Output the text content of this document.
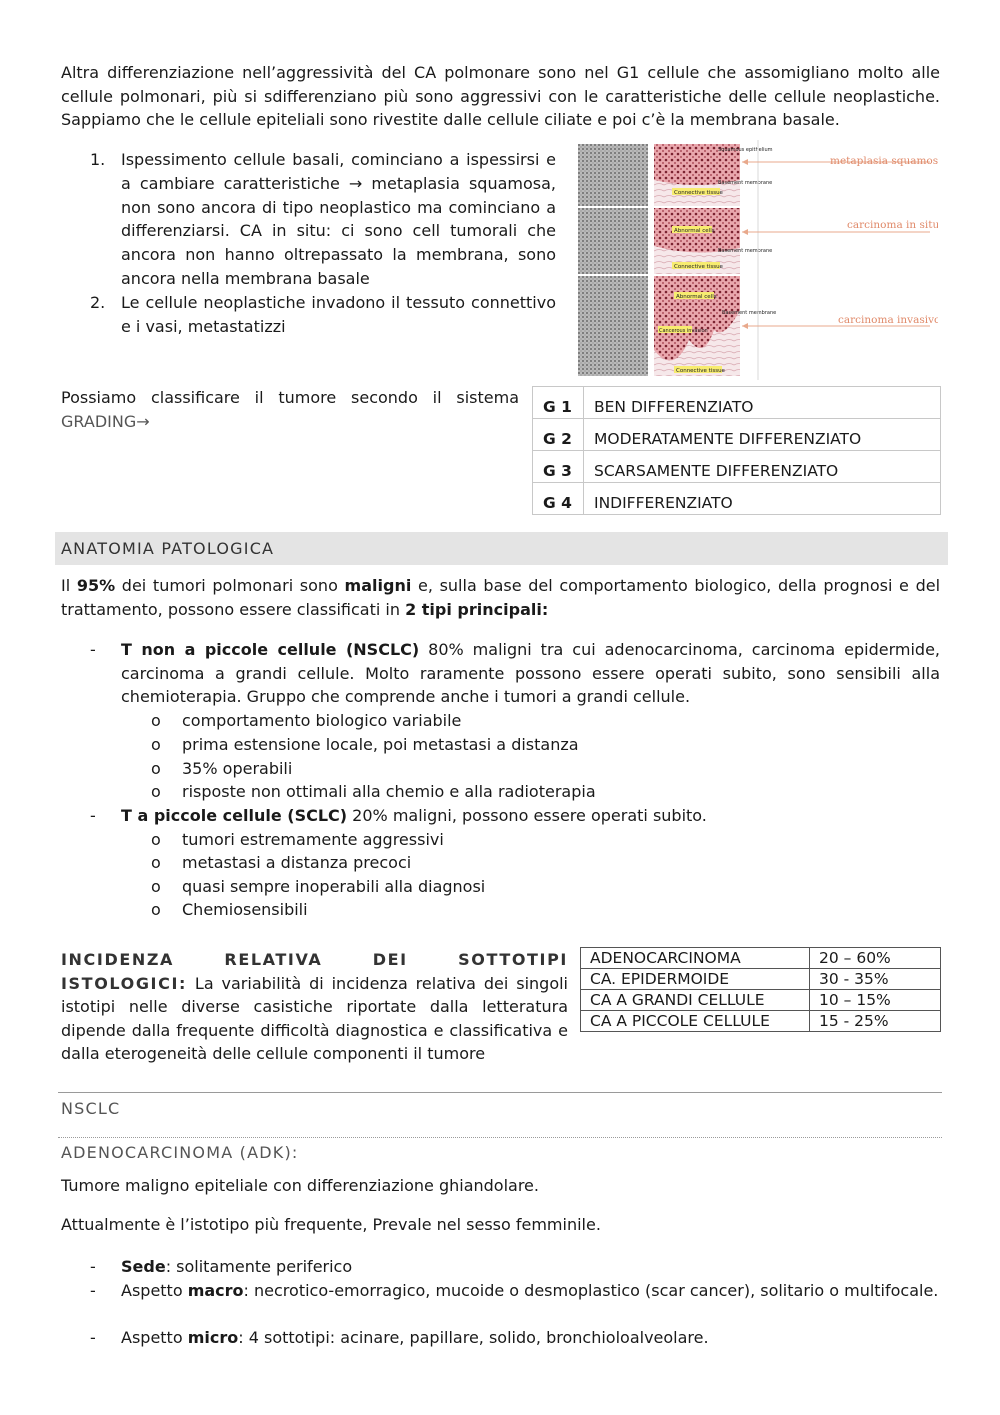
Altra differenziazione nell’aggressività del CA polmonare sono nel G1 cellule che assomigliano molto alle cellule polmonari, più si sdifferenziano più sono aggressivi con le caratteristiche delle cellule neoplastiche. Sappiamo che le cellule epiteliali sono rivestite dalle cellule ciliate e poi c’è la membrana basale.

1. Ispessimento cellule basali, cominciano a ispessirsi e a cambiare caratteristiche → metaplasia squamosa, non sono ancora di tipo neoplastico ma cominciano a differenziarsi. CA in situ: ci sono cell tumorali che ancora non hanno oltrepassato la membrana, sono ancora nella membrana basale

2. Le cellule neoplastiche invadono il tessuto connettivo e i vasi, metastatizzi

Connective tissue
Squamous epithelium
Basement membrane
Abnormal cells
Basement membrane
Connective tissue
Abnormal cells
Basement membrane
Cancerous invasion
Connective tissue
metaplasia squamosa
carcinoma in situ
carcinoma invasivo

Possiamo classificare il tumore secondo il sistema

GRADING→

G 1	BEN DIFFERENZIATO
G 2	MODERATAMENTE DIFFERENZIATO
G 3	SCARSAMENTE DIFFERENZIATO
G 4	INDIFFERENZIATO
ANATOMIA PATOLOGICA

Il 95% dei tumori polmonari sono maligni e, sulla base del comportamento biologico, della prognosi e del trattamento, possono essere classificati in 2 tipi principali:

- T non a piccole cellule (NSCLC) 80% maligni tra cui adenocarcinoma, carcinoma epidermide, carcinoma a grandi cellule. Molto raramente possono essere operati subito, sono sensibili alla chemioterapia. Gruppo che comprende anche i tumori a grandi cellule.

o comportamento biologico variabile
o prima estensione locale, poi metastasi a distanza
o 35% operabili
o risposte non ottimali alla chemio e alla radioterapia
- T a piccole cellule (SCLC) 20% maligni, possono essere operati subito.

o tumori estremamente aggressivi
o metastasi a distanza precoci
o quasi sempre inoperabili alla diagnosi
o Chemiosensibili

INCIDENZA RELATIVA DEI SOTTOTIPI ISTOLOGICI: La variabilità di incidenza relativa dei singoli istotipi nelle diverse casistiche riportate dalla letteratura dipende dalla frequente difficoltà diagnostica e classificativa e dalla eterogeneità delle cellule componenti il tumore

ADENOCARCINOMA	20 – 60%
CA. EPIDERMOIDE	30 - 35%
CA A GRANDI CELLULE	10 – 15%
CA A PICCOLE CELLULE	15 - 25%
NSCLC
ADENOCARCINOMA (ADK):

Tumore maligno epiteliale con differenziazione ghiandolare.

Attualmente è l’istotipo più frequente, Prevale nel sesso femminile.

- Sede: solitamente periferico

- Aspetto macro: necrotico-emorragico, mucoide o desmoplastico (scar cancer), solitario o multifocale.

- Aspetto micro: 4 sottotipi: acinare, papillare, solido, bronchioloalveolare.
